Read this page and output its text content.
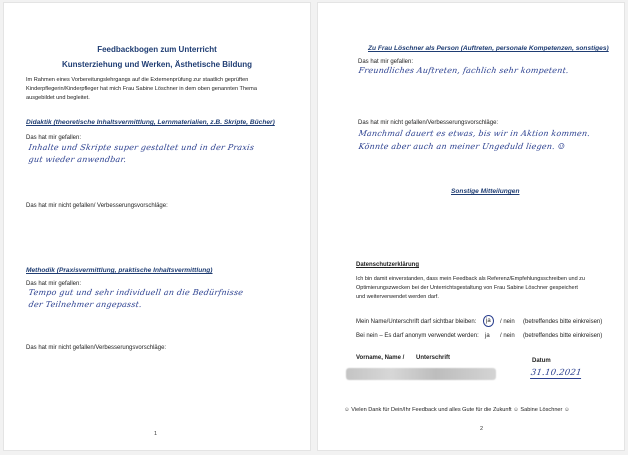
Feedbackbogen zum Unterricht
Kunsterziehung und Werken, Ästhetische Bildung
Im Rahmen eines Vorbereitungslehrgangs auf die Externenprüfung zur staatlich geprüften
Kinderpflegerin/Kinderpfleger hat mich Frau Sabine Löschner in dem oben genannten Thema
ausgebildet und begleitet.
Didaktik (theoretische Inhaltsvermittlung, Lernmaterialien, z.B. Skripte, Bücher)
Das hat mir gefallen:
Inhalte und Skripte super gestaltet und in der Praxis
gut wieder anwendbar.
Das hat mir nicht gefallen/ Verbesserungsvorschläge:
Methodik (Praxisvermittlung, praktische Inhaltsvermittlung)
Das hat mir gefallen:
Tempo gut und sehr individuell an die Bedürfnisse
der Teilnehmer angepasst.
Das hat mir nicht gefallen/Verbesserungsvorschläge:
1
Zu Frau Löschner als Person (Auftreten, personale Kompetenzen, sonstiges)
Das hat mir gefallen:
Freundliches Auftreten, fachlich sehr kompetent.
Das hat mir nicht gefallen/Verbesserungsvorschläge:
Manchmal dauert es etwas, bis wir in Aktion kommen.
Könnte aber auch an meiner Ungeduld liegen. ☺
Sonstige Mitteilungen
Datenschutzerklärung
Ich bin damit einverstanden, dass mein Feedback als Referenz/Empfehlungsschreiben und zu
Optimierungszwecken bei der Unterrichtsgestaltung von Frau Sabine Löschner gespeichert
und weiterverwendet werden darf.
Mein Name/Unterschrift darf sichtbar bleiben:	ja	/ nein (betreffendes bitte einkreisen)
Bei nein – Es darf anonym verwendet werden: ja / nein (betreffendes bitte einkreisen)
Vorname, Name / Unterschrift	Datum
31.10.2021
☺ Vielen Dank für Dein/Ihr Feedback und alles Gute für die Zukunft ☺ Sabine Löschner ☺
2
